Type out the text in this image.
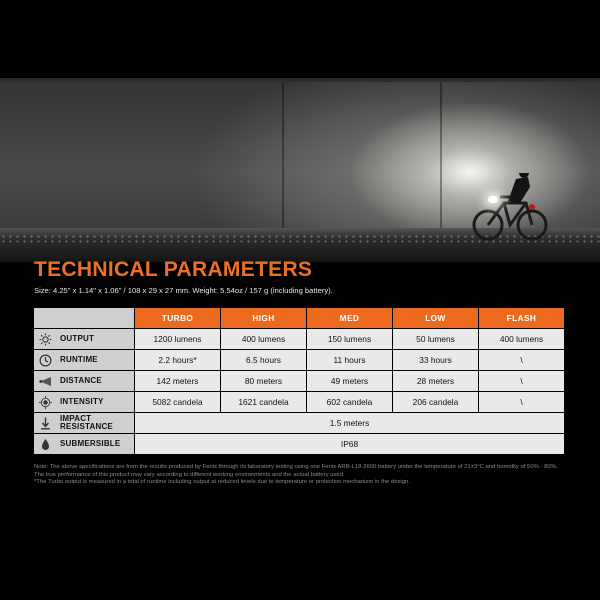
TECHNICAL PARAMETERS
Size: 4.25" x 1.14" x 1.06" / 108 x 29 x 27 mm. Weight: 5.54oz / 157 g (including battery).
	TURBO	HIGH	MED	LOW	FLASH

OUTPUT	1200 lumens	400 lumens	150 lumens	50 lumens	400 lumens

RUNTIME	2.2 hours*	6.5 hours	11 hours	33 hours	\

DISTANCE	142 meters	80 meters	49 meters	28 meters	\

INTENSITY	5082 candela	1621 candela	602 candela	206 candela	\

IMPACT
RESISTANCE	1.5 meters				

SUBMERSIBLE	IP68				

Note: The above specifications are from the results produced by Fenix through its laboratory testing using one Fenix ARB-L18-2600 battery under the temperature of 21±3°C and humidity of 50% - 80%. The true performance of this product may vary according to different working environments and the actual battery used.

*The Turbo output is measured in a total of runtime including output at reduced levels due to temperature or protection mechanism in the design.
